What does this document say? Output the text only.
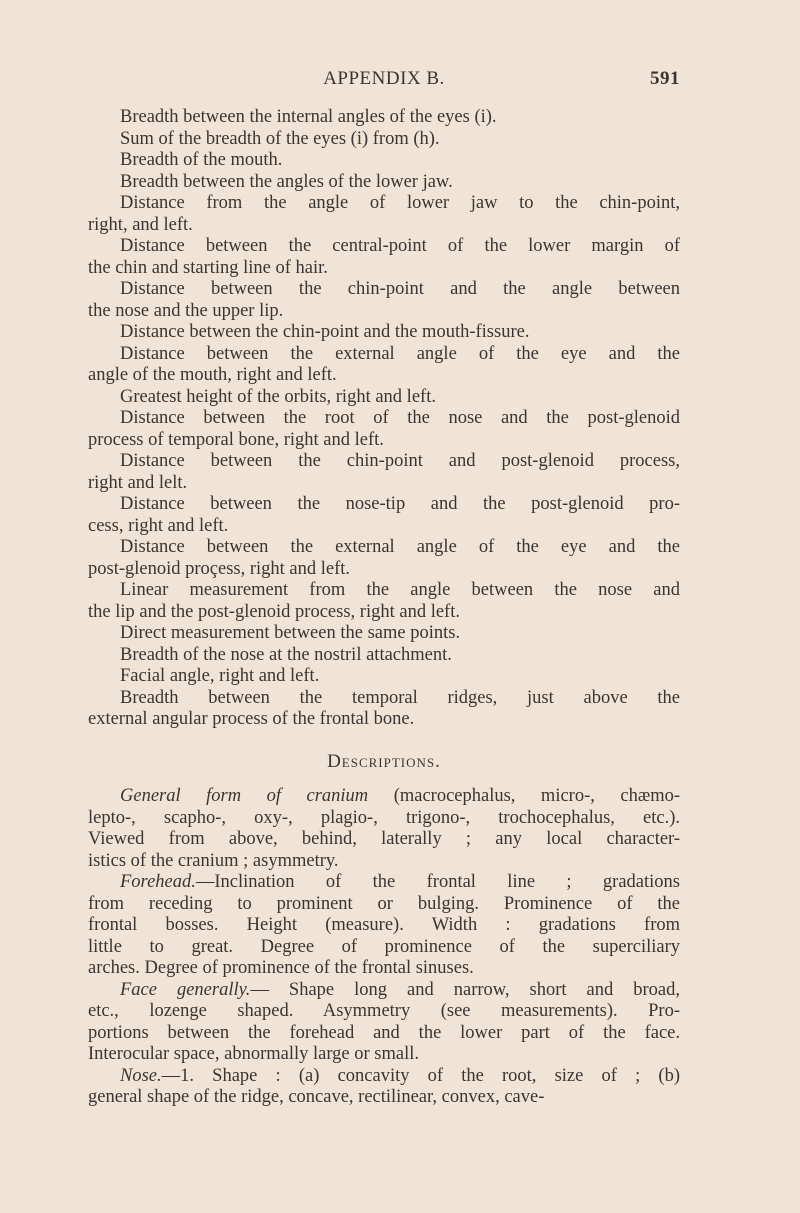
APPENDIX B.	591
Breadth between the internal angles of the eyes (i).
Sum of the breadth of the eyes (i) from (h).
Breadth of the mouth.
Breadth between the angles of the lower jaw.
Distance from the angle of lower jaw to the chin-point,
right, and left.
Distance between the central-point of the lower margin of
the chin and starting line of hair.
Distance between the chin-point and the angle between
the nose and the upper lip.
Distance between the chin-point and the mouth-fissure.
Distance between the external angle of the eye and the
angle of the mouth, right and left.
Greatest height of the orbits, right and left.
Distance between the root of the nose and the post-glenoid
process of temporal bone, right and left.
Distance between the chin-point and post-glenoid process,
right and lelt.
Distance between the nose-tip and the post-glenoid pro-
cess, right and left.
Distance between the external angle of the eye and the
post-glenoid proçess, right and left.
Linear measurement from the angle between the nose and
the lip and the post-glenoid process, right and left.
Direct measurement between the same points.
Breadth of the nose at the nostril attachment.
Facial angle, right and left.
Breadth between the temporal ridges, just above the
external angular process of the frontal bone.
Descriptions.
General form of cranium (macrocephalus, micro-, chæmo-
lepto-, scapho-, oxy-, plagio-, trigono-, trochocephalus, etc.).
Viewed from above, behind, laterally ; any local character-
istics of the cranium ; asymmetry.
Forehead.—Inclination of the frontal line ; gradations
from receding to prominent or bulging. Prominence of the
frontal bosses. Height (measure). Width : gradations from
little to great. Degree of prominence of the superciliary
arches. Degree of prominence of the frontal sinuses.
Face generally.— Shape long and narrow, short and broad,
etc., lozenge shaped. Asymmetry (see measurements). Pro-
portions between the forehead and the lower part of the face.
Interocular space, abnormally large or small.
Nose.—1. Shape : (a) concavity of the root, size of ; (b)
general shape of the ridge, concave, rectilinear, convex, cave-
